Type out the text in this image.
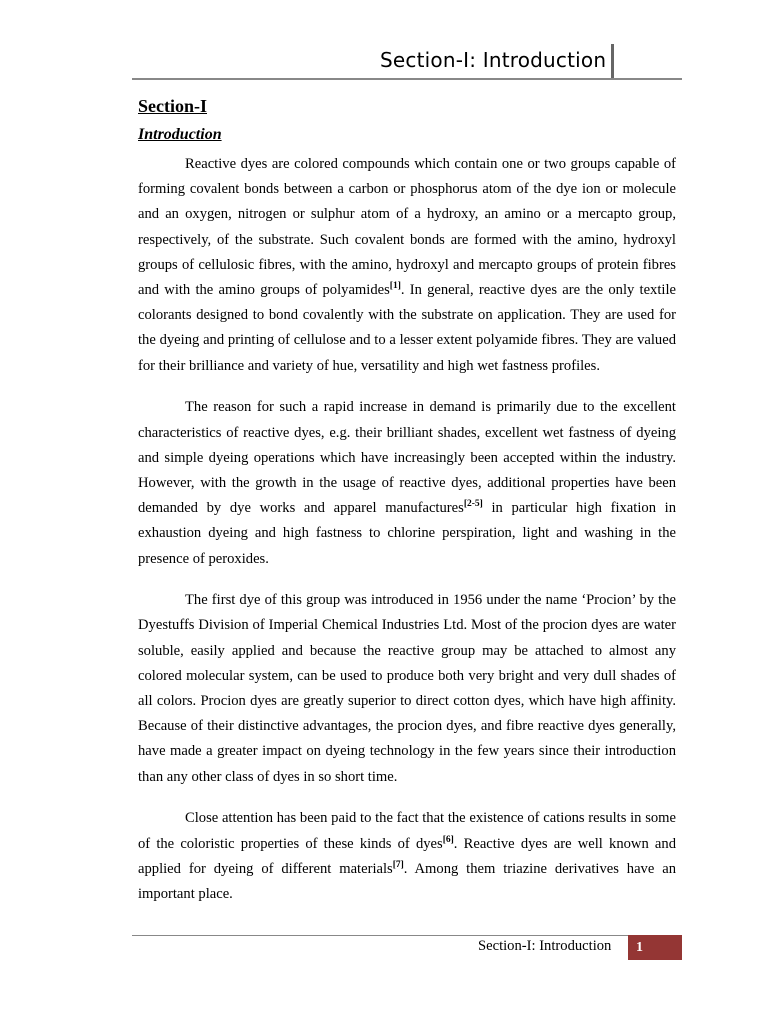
Section-I: Introduction
Section-I
Introduction

Reactive dyes are colored compounds which contain one or two groups capable of forming covalent bonds between a carbon or phosphorus atom of the dye ion or molecule and an oxygen, nitrogen or sulphur atom of a hydroxy, an amino or a mercapto group, respectively, of the substrate. Such covalent bonds are formed with the amino, hydroxyl groups of cellulosic fibres, with the amino, hydroxyl and mercapto groups of protein fibres and with the amino groups of polyamides[1]. In general, reactive dyes are the only textile colorants designed to bond covalently with the substrate on application. They are used for the dyeing and printing of cellulose and to a lesser extent polyamide fibres. They are valued for their brilliance and variety of hue, versatility and high wet fastness profiles.

The reason for such a rapid increase in demand is primarily due to the excellent characteristics of reactive dyes, e.g. their brilliant shades, excellent wet fastness of dyeing and simple dyeing operations which have increasingly been accepted within the industry. However, with the growth in the usage of reactive dyes, additional properties have been demanded by dye works and apparel manufactures[2-5] in particular high fixation in exhaustion dyeing and high fastness to chlorine perspiration, light and washing in the presence of peroxides.

The first dye of this group was introduced in 1956 under the name ‘Procion’ by the Dyestuffs Division of Imperial Chemical Industries Ltd. Most of the procion dyes are water soluble, easily applied and because the reactive group may be attached to almost any colored molecular system, can be used to produce both very bright and very dull shades of all colors. Procion dyes are greatly superior to direct cotton dyes, which have high affinity. Because of their distinctive advantages, the procion dyes, and fibre reactive dyes generally, have made a greater impact on dyeing technology in the few years since their introduction than any other class of dyes in so short time.

Close attention has been paid to the fact that the existence of cations results in some of the coloristic properties of these kinds of dyes[6]. Reactive dyes are well known and applied for dyeing of different materials[7]. Among them triazine derivatives have an important place.

Section-I: Introduction	1
